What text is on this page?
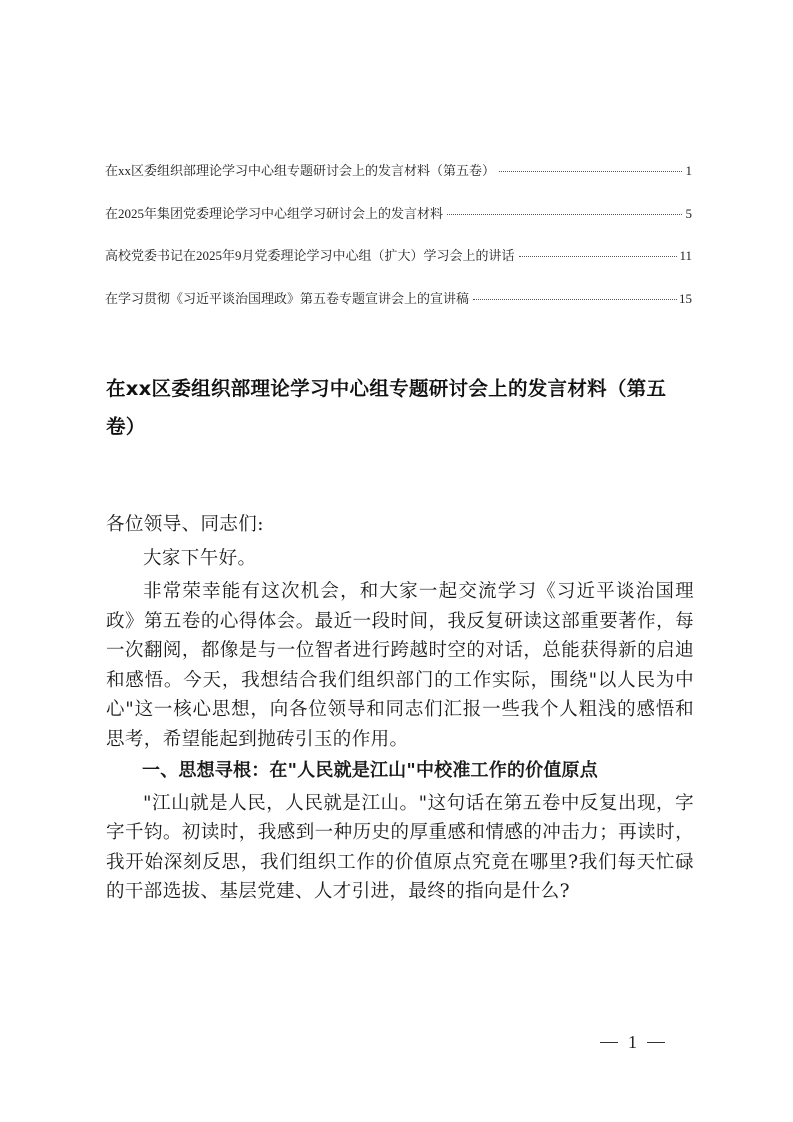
在xx区委组织部理论学习中心组专题研讨会上的发言材料（第五卷）	1
在2025年集团党委理论学习中心组学习研讨会上的发言材料	5
高校党委书记在2025年9月党委理论学习中心组（扩大）学习会上的讲话	11
在学习贯彻《习近平谈治国理政》第五卷专题宣讲会上的宣讲稿	15
在xx区委组织部理论学习中心组专题研讨会上的发言材料（第五卷）

各位领导、同志们:

大家下午好。

非常荣幸能有这次机会，和大家一起交流学习《习近平谈治国理政》第五卷的心得体会。最近一段时间，我反复研读这部重要著作，每一次翻阅，都像是与一位智者进行跨越时空的对话，总能获得新的启迪和感悟。今天，我想结合我们组织部门的工作实际，围绕"以人民为中心"这一核心思想，向各位领导和同志们汇报一些我个人粗浅的感悟和思考，希望能起到抛砖引玉的作用。

一、思想寻根：在"人民就是江山"中校准工作的价值原点

"江山就是人民，人民就是江山。"这句话在第五卷中反复出现，字字千钧。初读时，我感到一种历史的厚重感和情感的冲击力；再读时，我开始深刻反思，我们组织工作的价值原点究竟在哪里?我们每天忙碌的干部选拔、基层党建、人才引进，最终的指向是什么?

1
